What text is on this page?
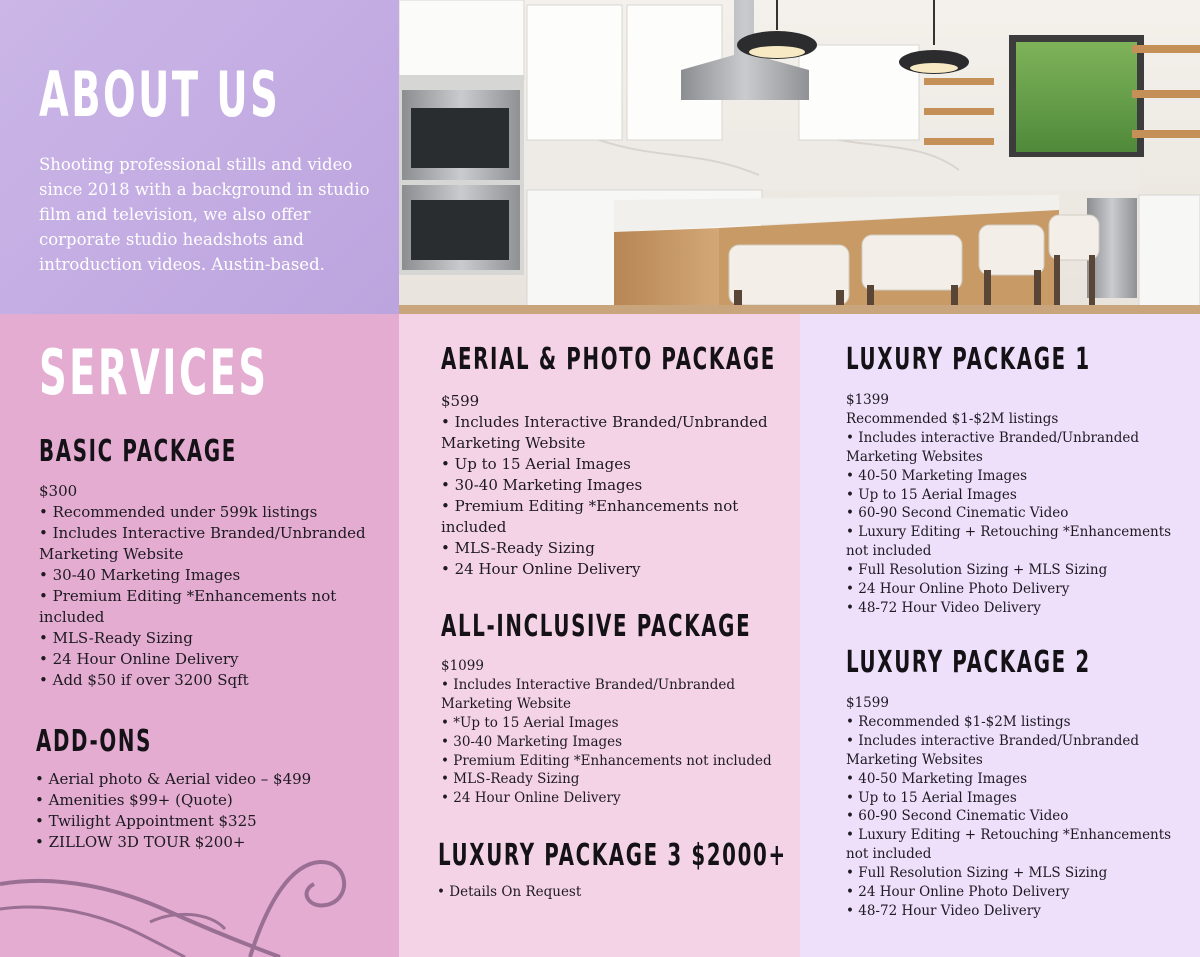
ABOUT US

Shooting professional stills and video since 2018 with a background in studio film and television, we also offer corporate studio headshots and introduction videos. Austin-based.

SERVICES
BASIC PACKAGE
$300
• Recommended under 599k listings
• Includes Interactive Branded/Unbranded
Marketing Website
• 30-40 Marketing Images
• Premium Editing *Enhancements not
included
• MLS-Ready Sizing
• 24 Hour Online Delivery
• Add $50 if over 3200 Sqft
ADD-ONS
• Aerial photo & Aerial video – $499
• Amenities $99+ (Quote)
• Twilight Appointment $325
• ZILLOW 3D TOUR $200+
AERIAL & PHOTO PACKAGE
$599
• Includes Interactive Branded/Unbranded
Marketing Website
• Up to 15 Aerial Images
• 30-40 Marketing Images
• Premium Editing *Enhancements not
included
• MLS-Ready Sizing
• 24 Hour Online Delivery
ALL-INCLUSIVE PACKAGE
$1099
• Includes Interactive Branded/Unbranded
Marketing Website
• *Up to 15 Aerial Images
• 30-40 Marketing Images
• Premium Editing *Enhancements not included
• MLS-Ready Sizing
• 24 Hour Online Delivery
LUXURY PACKAGE 3 $2000+
• Details On Request
LUXURY PACKAGE 1
$1399
Recommended $1-$2M listings
• Includes interactive Branded/Unbranded
Marketing Websites
• 40-50 Marketing Images
• Up to 15 Aerial Images
• 60-90 Second Cinematic Video
• Luxury Editing + Retouching *Enhancements
not included
• Full Resolution Sizing + MLS Sizing
• 24 Hour Online Photo Delivery
• 48-72 Hour Video Delivery
LUXURY PACKAGE 2
$1599
• Recommended $1-$2M listings
• Includes interactive Branded/Unbranded
Marketing Websites
• 40-50 Marketing Images
• Up to 15 Aerial Images
• 60-90 Second Cinematic Video
• Luxury Editing + Retouching *Enhancements
not included
• Full Resolution Sizing + MLS Sizing
• 24 Hour Online Photo Delivery
• 48-72 Hour Video Delivery
